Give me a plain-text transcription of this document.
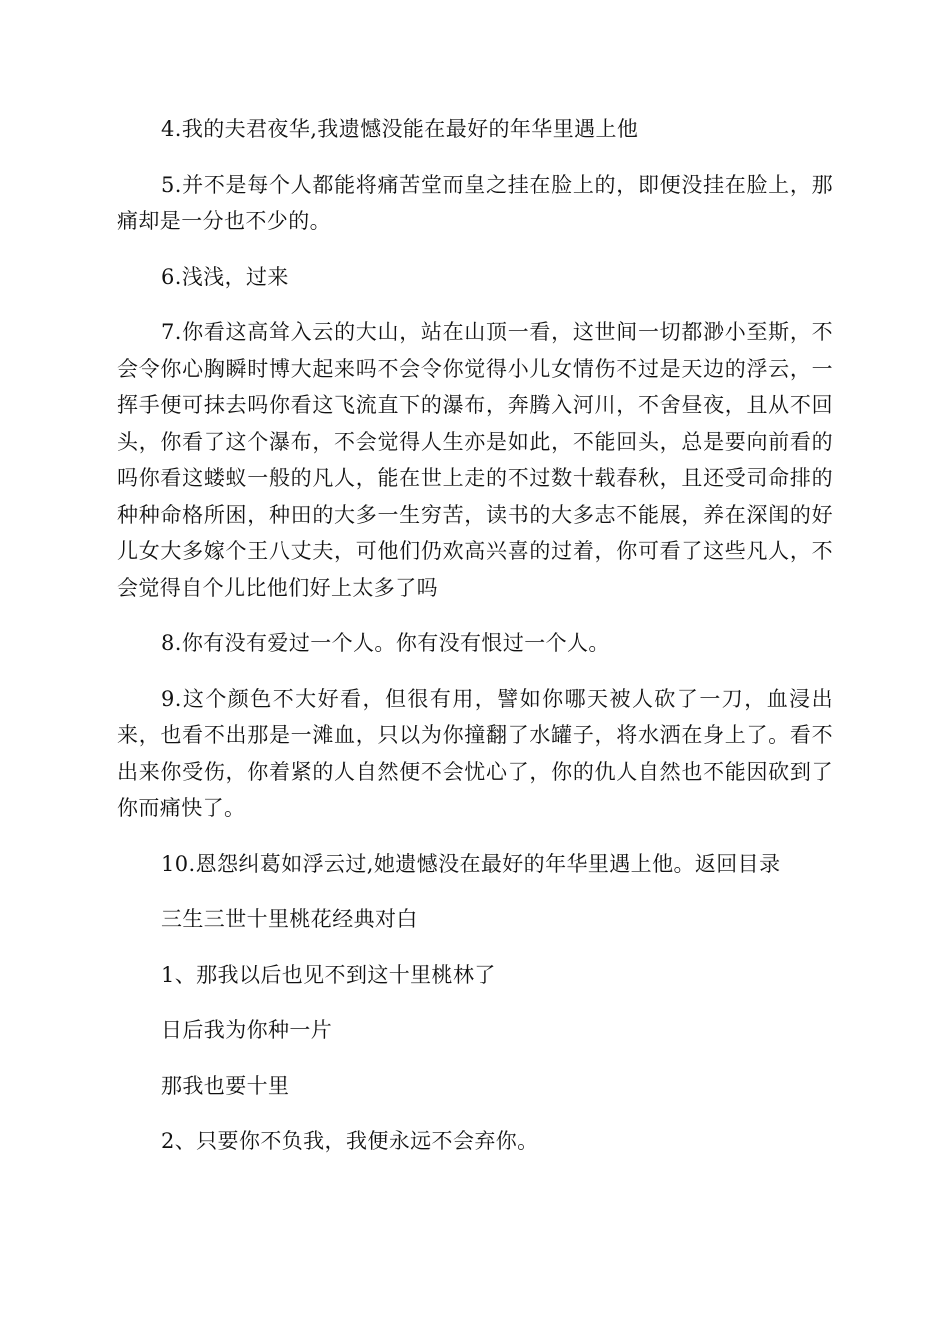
4.我的夫君夜华,我遗憾没能在最好的年华里遇上他

5.并不是每个人都能将痛苦堂而皇之挂在脸上的，即便没挂在脸上，那痛却是一分也不少的。

6.浅浅，过来

7.你看这高耸入云的大山，站在山顶一看，这世间一切都渺小至斯，不会令你心胸瞬时博大起来吗不会令你觉得小儿女情伤不过是天边的浮云，一挥手便可抹去吗你看这飞流直下的瀑布，奔腾入河川，不舍昼夜，且从不回头，你看了这个瀑布，不会觉得人生亦是如此，不能回头，总是要向前看的吗你看这蝼蚁一般的凡人，能在世上走的不过数十载春秋，且还受司命排的种种命格所困，种田的大多一生穷苦，读书的大多志不能展，养在深闺的好儿女大多嫁个王八丈夫，可他们仍欢高兴喜的过着，你可看了这些凡人，不会觉得自个儿比他们好上太多了吗

8.你有没有爱过一个人。你有没有恨过一个人。

9.这个颜色不大好看，但很有用，譬如你哪天被人砍了一刀，血浸出来，也看不出那是一滩血，只以为你撞翻了水罐子，将水洒在身上了。看不出来你受伤，你着紧的人自然便不会忧心了，你的仇人自然也不能因砍到了你而痛快了。

10.恩怨纠葛如浮云过,她遗憾没在最好的年华里遇上他。返回目录

三生三世十里桃花经典对白

1、那我以后也见不到这十里桃林了

日后我为你种一片

那我也要十里

2、只要你不负我，我便永远不会弃你。
